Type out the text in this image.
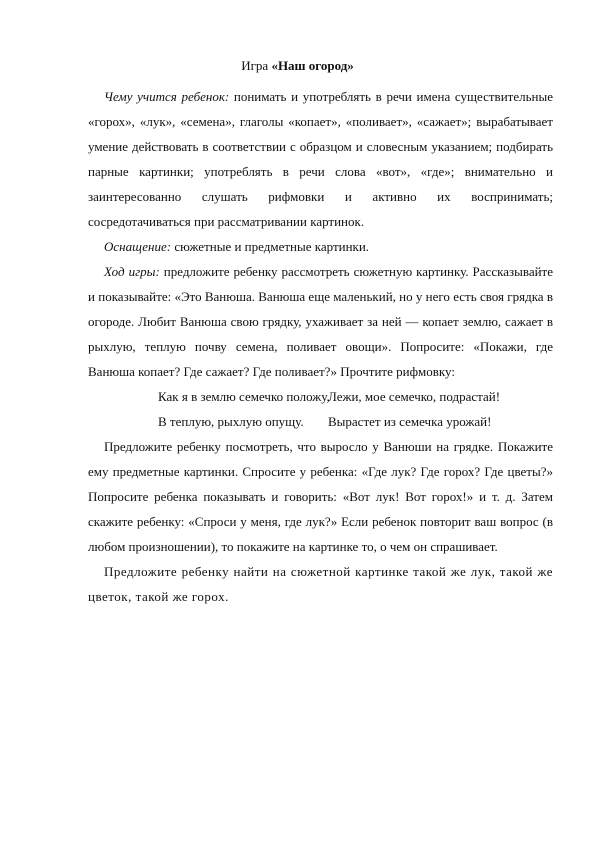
Игра «Наш огород»

Чему учится ребенок: понимать и употреблять в речи имена существительные «горох», «лук», «семена», глаголы «копает», «поливает», «сажает»; вырабатывает умение действовать в соответствии с образцом и словесным указанием; подбирать парные картинки; употреблять в речи слова «вот», «где»; внимательно и заинтересованно слушать рифмовки и активно их воспринимать; сосредотачиваться при рассматривании картинок.

Оснащение: сюжетные и предметные картинки.

Ход игры: предложите ребенку рассмотреть сюжетную картинку. Рассказывайте и показывайте: «Это Ванюша. Ванюша еще маленький, но у него есть своя грядка в огороде. Любит Ванюша свою грядку, ухаживает за ней — копает землю, сажает в рыхлую, теплую почву семена, поливает овощи». Попросите: «Покажи, где Ванюша копает? Где сажает? Где поливает?» Прочтите рифмовку:

Как я в землю семечко положу,
Лежи, мое семечко, подрастай!
В теплую, рыхлую опущу. Вырастет из семечка урожай!

Предложите ребенку посмотреть, что выросло у Ванюши на грядке. Покажите ему предметные картинки. Спросите у ребенка: «Где лук? Где горох? Где цветы?» Попросите ребенка показывать и говорить: «Вот лук! Вот горох!» и т. д. Затем скажите ребенку: «Спроси у меня, где лук?» Если ребенок повторит ваш вопрос (в любом произношении), то покажите на картинке то, о чем он спрашивает.

Предложите ребенку найти на сюжетной картинке такой же лук, такой же цветок, такой же горох.
